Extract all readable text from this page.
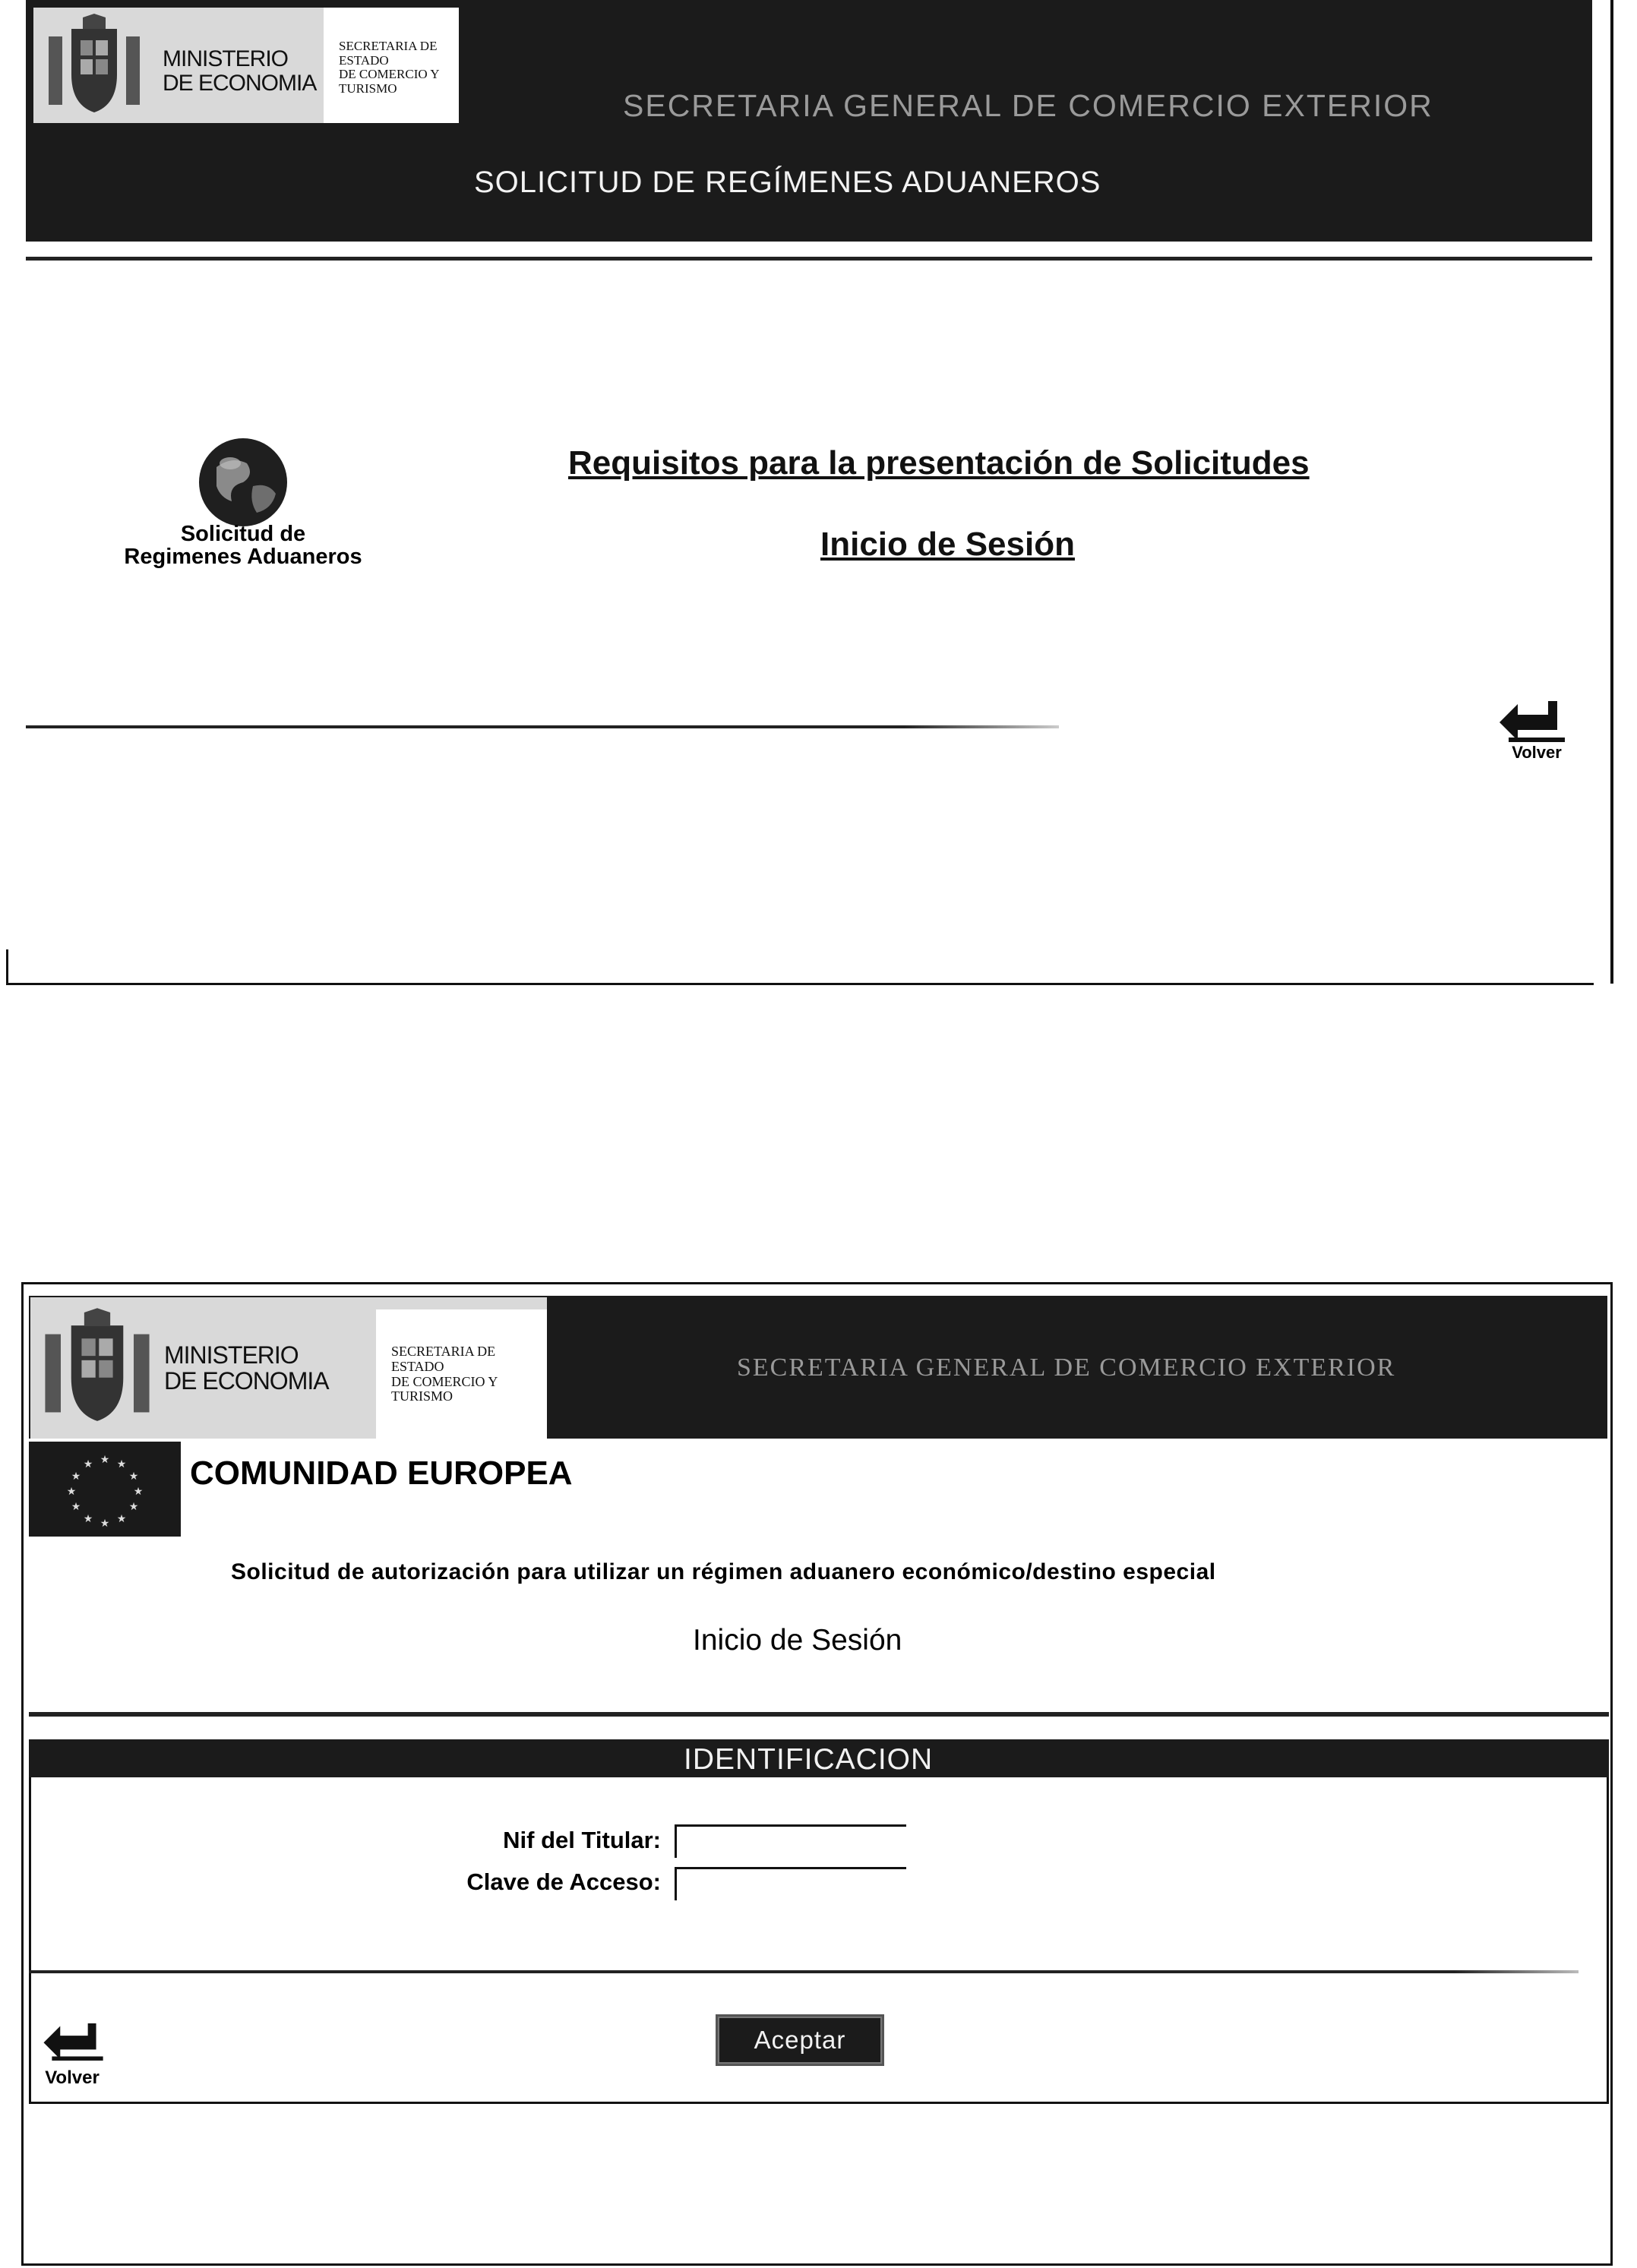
MINISTERIO
DE ECONOMIA
SECRETARIA DE
ESTADO
DE COMERCIO Y
TURISMO	SECRETARIA GENERAL DE COMERCIO EXTERIOR
SOLICITUD DE REGÍMENES ADUANEROS
Solicitud de
Regimenes Aduaneros
Requisitos para la presentación de Solicitudes
Inicio de Sesión
Volver
MINISTERIO
DE ECONOMIA
SECRETARIA DE
ESTADO
DE COMERCIO Y
TURISMO
SECRETARIA GENERAL DE COMERCIO EXTERIOR
★ ★
★
★
★
★
★
★
★
★
★
★	COMUNIDAD EUROPEA
Solicitud de autorización para utilizar un régimen aduanero económico/destino especial
Inicio de Sesión
IDENTIFICACION
Nif del Titular:
Clave de Acceso:
Aceptar
Volver
